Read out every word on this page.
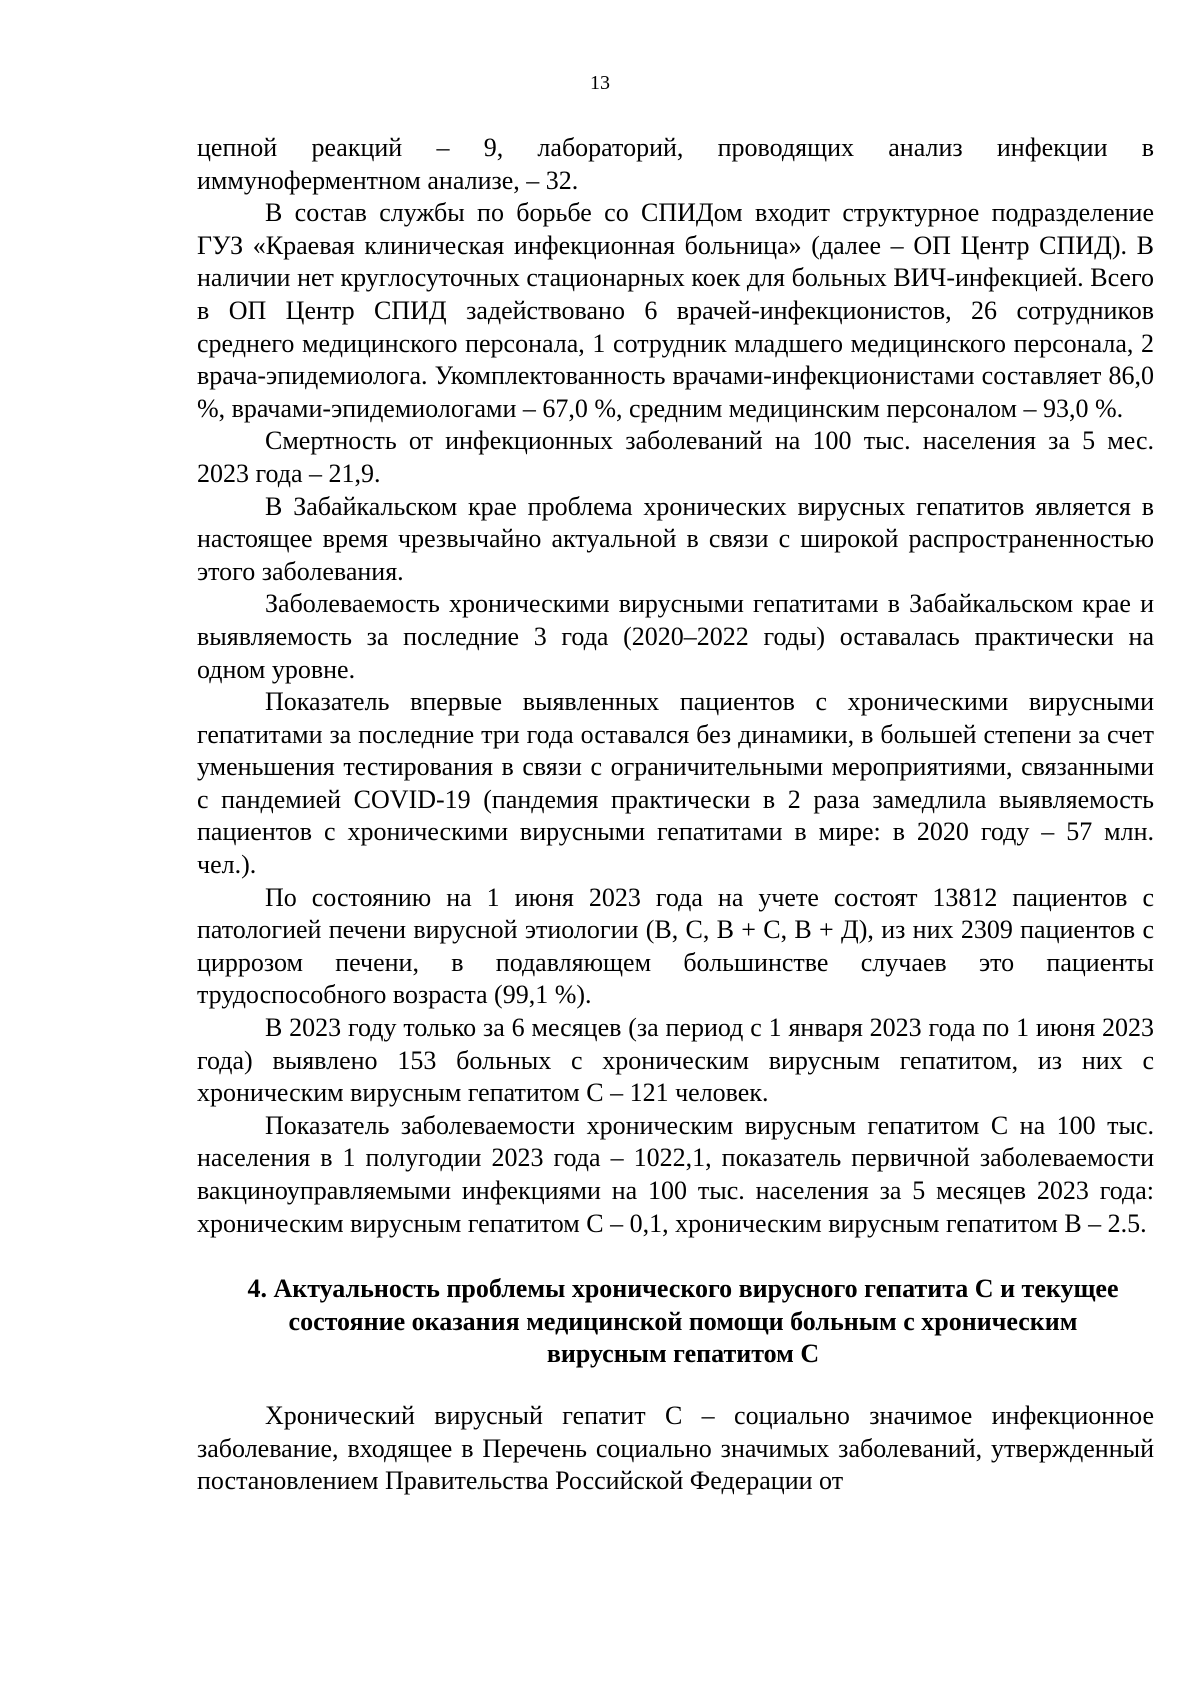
13

цепной реакций – 9, лабораторий, проводящих анализ инфекции в иммуноферментном анализе, – 32.

В состав службы по борьбе со СПИДом входит структурное подразделение ГУЗ «Краевая клиническая инфекционная больница» (далее – ОП Центр СПИД). В наличии нет круглосуточных стационарных коек для больных ВИЧ-инфекцией. Всего в ОП Центр СПИД задействовано 6 врачей-инфекционистов, 26 сотрудников среднего медицинского персонала, 1 сотрудник младшего медицинского персонала, 2 врача-эпидемиолога. Укомплектованность врачами-инфекционистами составляет 86,0 %, врачами-эпидемиологами – 67,0 %, средним медицинским персоналом – 93,0 %.

Смертность от инфекционных заболеваний на 100 тыс. населения за 5 мес. 2023 года – 21,9.

В Забайкальском крае проблема хронических вирусных гепатитов является в настоящее время чрезвычайно актуальной в связи с широкой распространенностью этого заболевания.

Заболеваемость хроническими вирусными гепатитами в Забайкальском крае и выявляемость за последние 3 года (2020–2022 годы) оставалась практически на одном уровне.

Показатель впервые выявленных пациентов с хроническими вирусными гепатитами за последние три года оставался без динамики, в большей степени за счет уменьшения тестирования в связи с ограничительными мероприятиями, связанными с пандемией COVID-19 (пандемия практически в 2 раза замедлила выявляемость пациентов с хроническими вирусными гепатитами в мире: в 2020 году – 57 млн. чел.).

По состоянию на 1 июня 2023 года на учете состоят 13812 пациентов с патологией печени вирусной этиологии (В, С, В + С, В + Д), из них 2309 пациентов с циррозом печени, в подавляющем большинстве случаев это пациенты трудоспособного возраста (99,1 %).

В 2023 году только за 6 месяцев (за период с 1 января 2023 года по 1 июня 2023 года) выявлено 153 больных с хроническим вирусным гепатитом, из них с хроническим вирусным гепатитом С – 121 человек.

Показатель заболеваемости хроническим вирусным гепатитом С на 100 тыс. населения в 1 полугодии 2023 года – 1022,1, показатель первичной заболеваемости вакциноуправляемыми инфекциями на 100 тыс. населения за 5 месяцев 2023 года: хроническим вирусным гепатитом С – 0,1, хроническим вирусным гепатитом В – 2.5.

4. Актуальность проблемы хронического вирусного гепатита С и текущее состояние оказания медицинской помощи больным с хроническим вирусным гепатитом С

Хронический вирусный гепатит С – социально значимое инфекционное заболевание, входящее в Перечень социально значимых заболеваний, утвержденный постановлением Правительства Российской Федерации от
